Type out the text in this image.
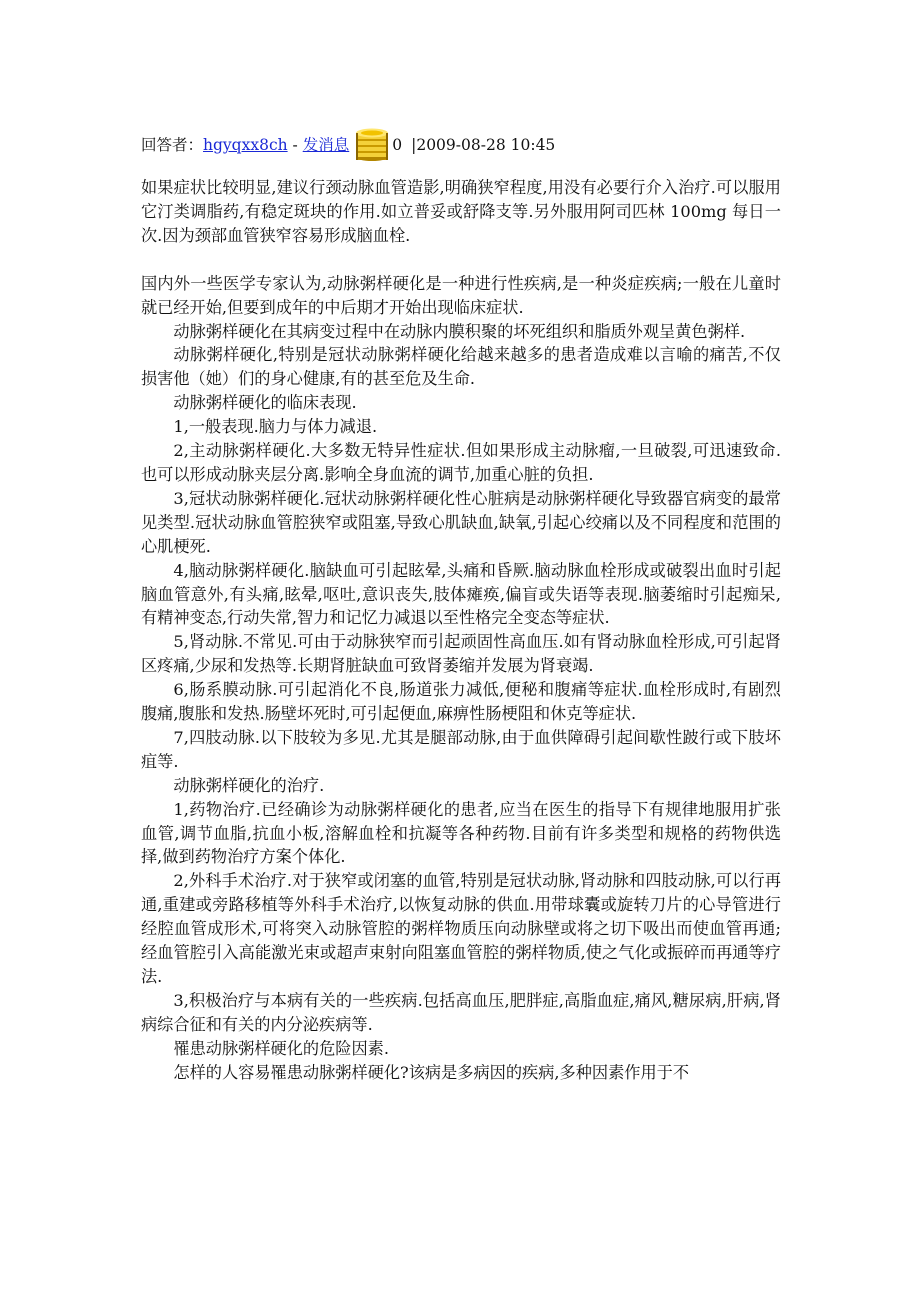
回答者： hgyqxx8ch - 发消息	0 | 2009-08-28 10:45

如果症状比较明显,建议行颈动脉血管造影,明确狭窄程度,用没有必要行介入治疗.可以服用它汀类调脂药,有稳定斑块的作用.如立普妥或舒降支等.另外服用阿司匹林 100mg 每日一次.因为颈部血管狭窄容易形成脑血栓.

国内外一些医学专家认为,动脉粥样硬化是一种进行性疾病,是一种炎症疾病;一般在儿童时就已经开始,但要到成年的中后期才开始出现临床症状.

动脉粥样硬化在其病变过程中在动脉内膜积聚的坏死组织和脂质外观呈黄色粥样.

动脉粥样硬化,特别是冠状动脉粥样硬化给越来越多的患者造成难以言喻的痛苦,不仅损害他（她）们的身心健康,有的甚至危及生命.

动脉粥样硬化的临床表现.

1,一般表现.脑力与体力减退.

2,主动脉粥样硬化.大多数无特异性症状.但如果形成主动脉瘤,一旦破裂,可迅速致命.也可以形成动脉夹层分离.影响全身血流的调节,加重心脏的负担.

3,冠状动脉粥样硬化.冠状动脉粥样硬化性心脏病是动脉粥样硬化导致器官病变的最常见类型.冠状动脉血管腔狭窄或阻塞,导致心肌缺血,缺氧,引起心绞痛以及不同程度和范围的心肌梗死.

4,脑动脉粥样硬化.脑缺血可引起眩晕,头痛和昏厥.脑动脉血栓形成或破裂出血时引起脑血管意外,有头痛,眩晕,呕吐,意识丧失,肢体瘫痪,偏盲或失语等表现.脑萎缩时引起痴呆,有精神变态,行动失常,智力和记忆力减退以至性格完全变态等症状.

5,肾动脉.不常见.可由于动脉狭窄而引起顽固性高血压.如有肾动脉血栓形成,可引起肾区疼痛,少尿和发热等.长期肾脏缺血可致肾萎缩并发展为肾衰竭.

6,肠系膜动脉.可引起消化不良,肠道张力减低,便秘和腹痛等症状.血栓形成时,有剧烈腹痛,腹胀和发热.肠壁坏死时,可引起便血,麻痹性肠梗阻和休克等症状.

7,四肢动脉.以下肢较为多见.尤其是腿部动脉,由于血供障碍引起间歇性跛行或下肢坏疽等.

动脉粥样硬化的治疗.

1,药物治疗.已经确诊为动脉粥样硬化的患者,应当在医生的指导下有规律地服用扩张血管,调节血脂,抗血小板,溶解血栓和抗凝等各种药物.目前有许多类型和规格的药物供选择,做到药物治疗方案个体化.

2,外科手术治疗.对于狭窄或闭塞的血管,特别是冠状动脉,肾动脉和四肢动脉,可以行再通,重建或旁路移植等外科手术治疗,以恢复动脉的供血.用带球囊或旋转刀片的心导管进行经腔血管成形术,可将突入动脉管腔的粥样物质压向动脉壁或将之切下吸出而使血管再通;经血管腔引入高能激光束或超声束射向阻塞血管腔的粥样物质,使之气化或振碎而再通等疗法.

3,积极治疗与本病有关的一些疾病.包括高血压,肥胖症,高脂血症,痛风,糖尿病,肝病,肾病综合征和有关的内分泌疾病等.

罹患动脉粥样硬化的危险因素.

怎样的人容易罹患动脉粥样硬化?该病是多病因的疾病,多种因素作用于不
